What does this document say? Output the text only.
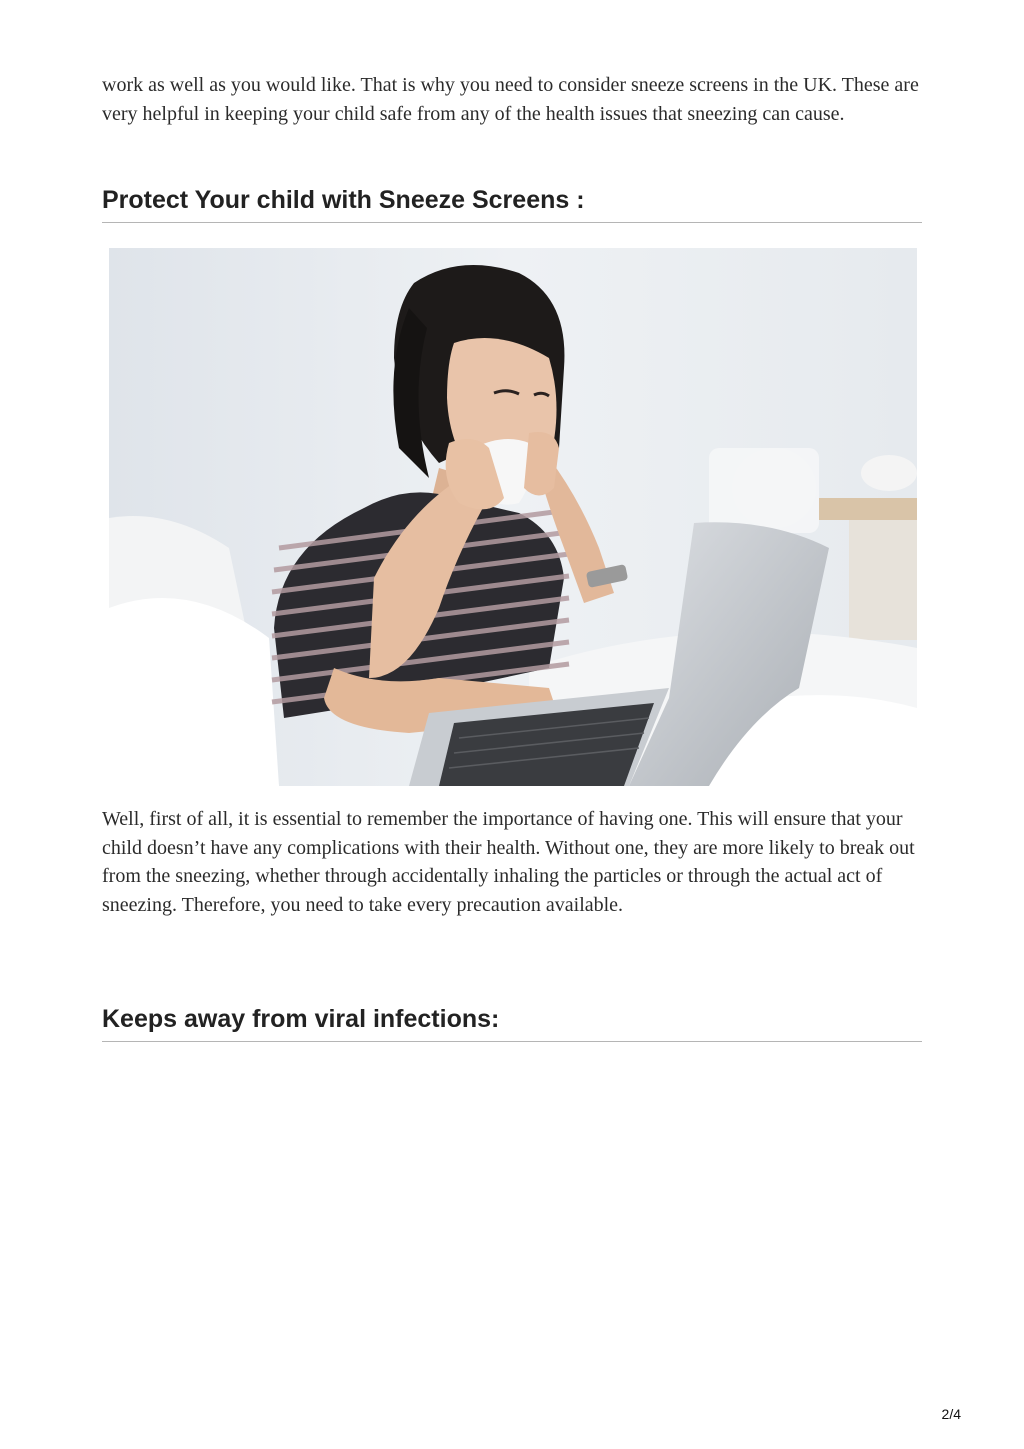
work as well as you would like. That is why you need to consider sneeze screens in the UK. These are very helpful in keeping your child safe from any of the health issues that sneezing can cause.

Protect Your child with Sneeze Screens :

Well, first of all, it is essential to remember the importance of having one. This will ensure that your child doesn’t have any complications with their health. Without one, they are more likely to break out from the sneezing, whether through accidentally inhaling the particles or through the actual act of sneezing. Therefore, you need to take every precaution available.

Keeps away from viral infections:
2/4
